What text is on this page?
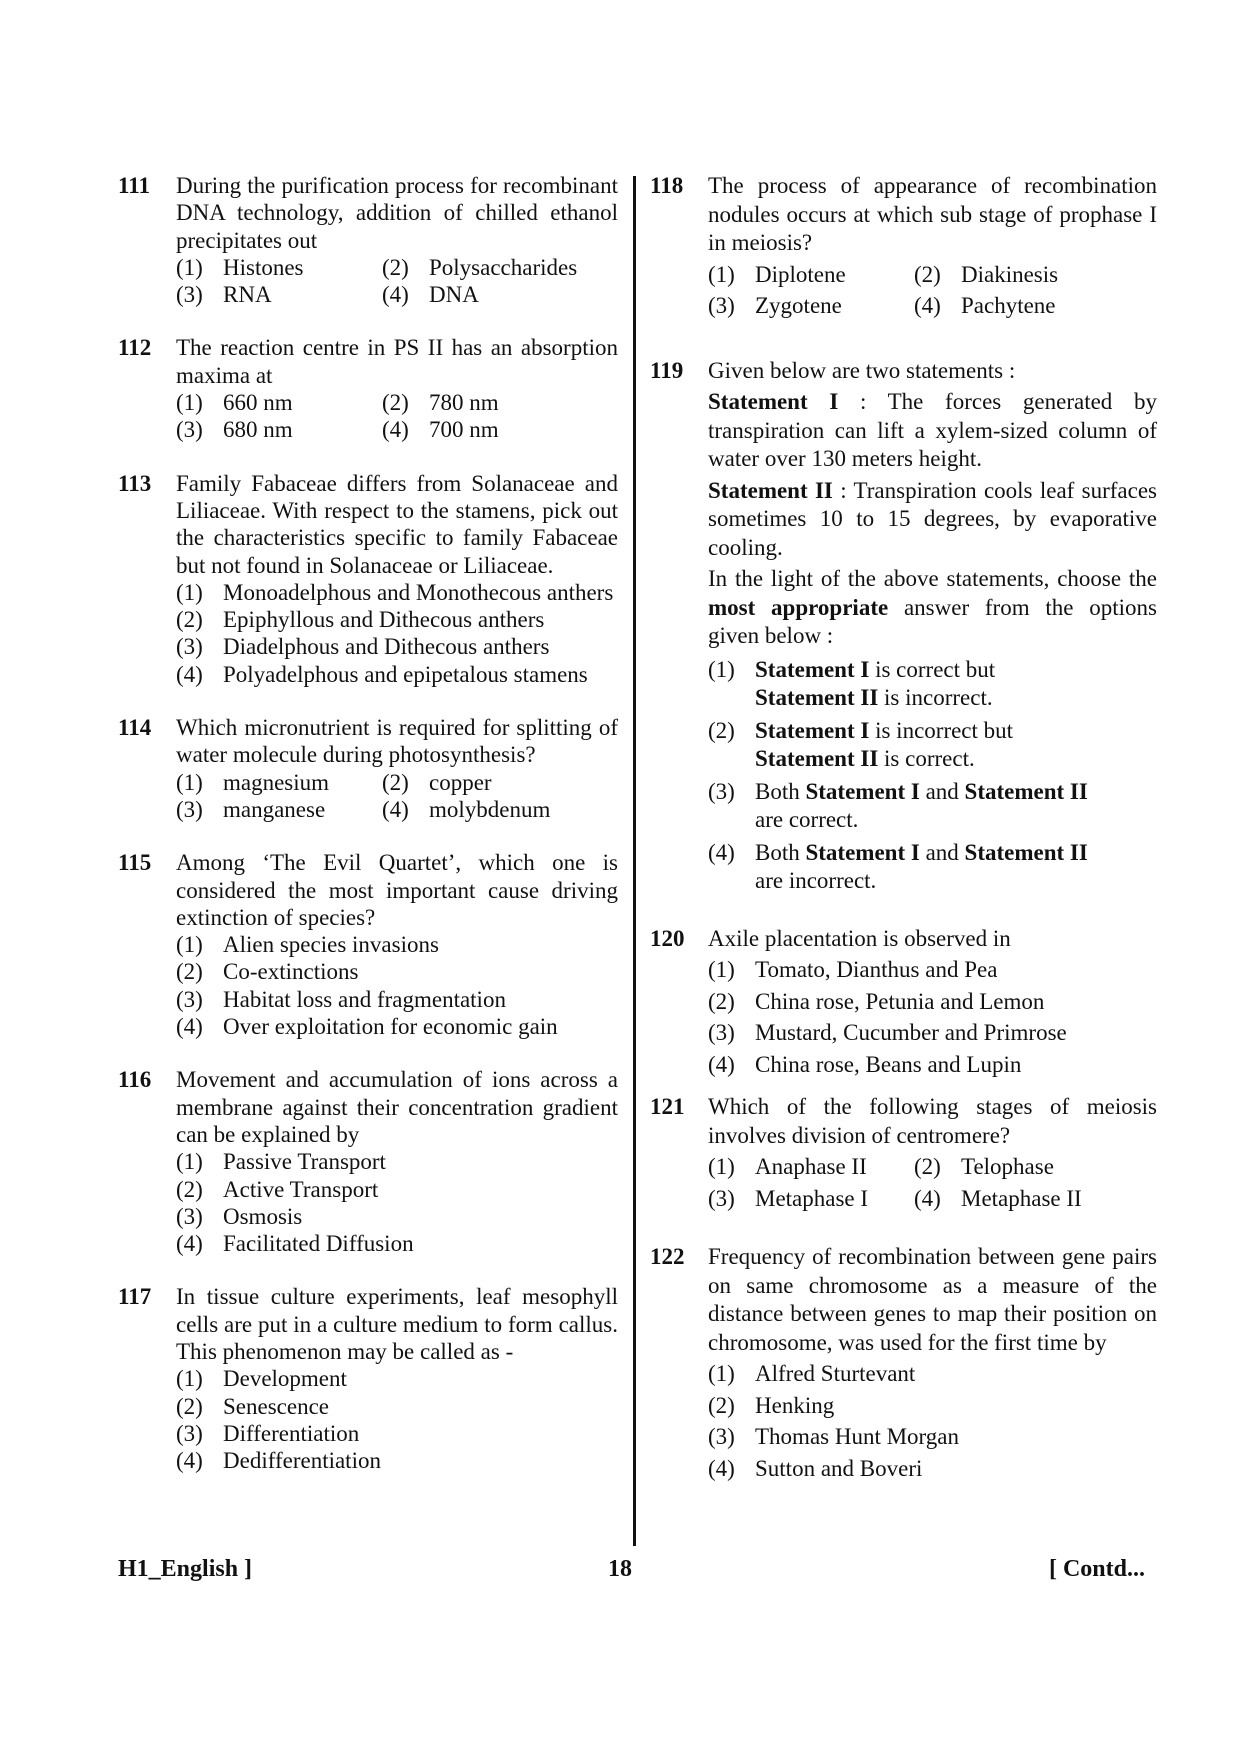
111	During the purification process for recombinant DNA technology, addition of chilled ethanol precipitates out
(1) Histones	(2) Polysaccharides
(3) RNA	(4) DNA
112	The reaction centre in PS II has an absorption maxima at
(1) 660 nm	(2) 780 nm
(3) 680 nm	(4) 700 nm
113	Family Fabaceae differs from Solanaceae and Liliaceae. With respect to the stamens, pick out the characteristics specific to family Fabaceae but not found in Solanaceae or Liliaceae.
(1) Monoadelphous and Monothecous anthers
(2) Epiphyllous and Dithecous anthers
(3) Diadelphous and Dithecous anthers
(4) Polyadelphous and epipetalous stamens
114	Which micronutrient is required for splitting of water molecule during photosynthesis?
(1) magnesium	(2) copper
(3) manganese	(4) molybdenum
115	Among ‘The Evil Quartet’, which one is considered the most important cause driving extinction of species?
(1) Alien species invasions
(2) Co-extinctions
(3) Habitat loss and fragmentation
(4) Over exploitation for economic gain
116	Movement and accumulation of ions across a membrane against their concentration gradient can be explained by
(1) Passive Transport
(2) Active Transport
(3) Osmosis
(4) Facilitated Diffusion
117	In tissue culture experiments, leaf mesophyll cells are put in a culture medium to form callus. This phenomenon may be called as -
(1) Development
(2) Senescence
(3) Differentiation
(4) Dedifferentiation
118	The process of appearance of recombination nodules occurs at which sub stage of prophase I in meiosis?
(1) Diplotene	(2) Diakinesis
(3) Zygotene	(4) Pachytene
119	Given below are two statements :
Statement I : The forces generated by transpiration can lift a xylem-sized column of water over 130 meters height.
Statement II : Transpiration cools leaf surfaces sometimes 10 to 15 degrees, by evaporative cooling.
In the light of the above statements, choose the most appropriate answer from the options given below :
(1) Statement I is correct but
Statement II is incorrect.
(2) Statement I is incorrect but
Statement II is correct.
(3) Both Statement I and Statement II
are correct.
(4) Both Statement I and Statement II
are incorrect.
120	Axile placentation is observed in
(1) Tomato, Dianthus and Pea
(2) China rose, Petunia and Lemon
(3) Mustard, Cucumber and Primrose
(4) China rose, Beans and Lupin
121	Which of the following stages of meiosis involves division of centromere?
(1) Anaphase II	(2) Telophase
(3) Metaphase I	(4) Metaphase II
122	Frequency of recombination between gene pairs on same chromosome as a measure of the distance between genes to map their position on chromosome, was used for the first time by
(1) Alfred Sturtevant
(2) Henking
(3) Thomas Hunt Morgan
(4) Sutton and Boveri
H1_English ]	18	[ Contd...
